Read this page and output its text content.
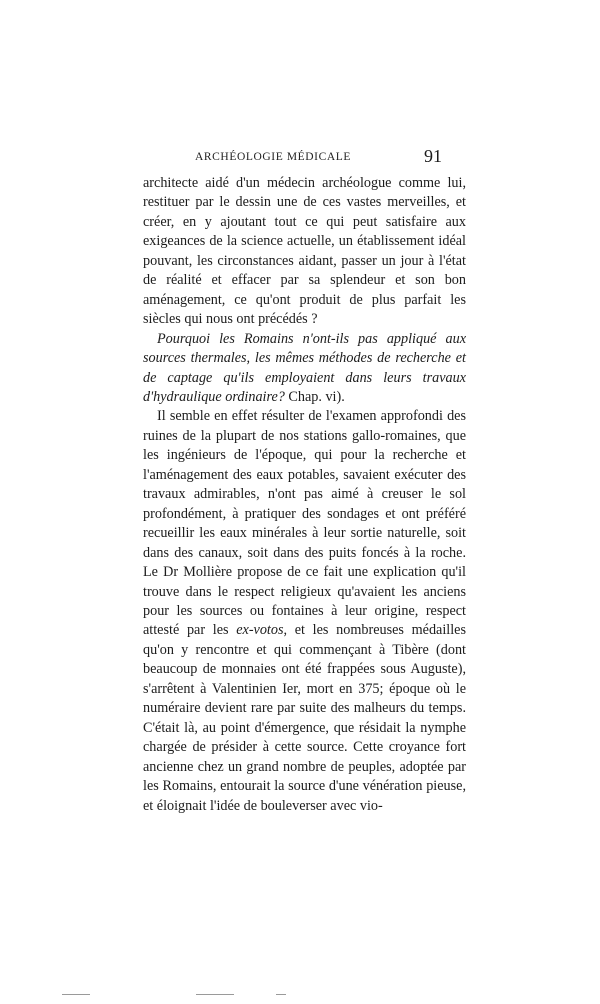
ARCHÉOLOGIE MÉDICALE	91

architecte aidé d'un médecin archéologue comme lui, restituer par le dessin une de ces vastes merveilles, et créer, en y ajoutant tout ce qui peut satisfaire aux exigeances de la science actuelle, un établissement idéal pouvant, les circonstances aidant, passer un jour à l'état de réalité et effacer par sa splendeur et son bon aménagement, ce qu'ont produit de plus parfait les siècles qui nous ont précédés ?

Pourquoi les Romains n'ont-ils pas appliqué aux sources thermales, les mêmes méthodes de recherche et de captage qu'ils employaient dans leurs travaux d'hydraulique ordinaire? Chap. vi).

Il semble en effet résulter de l'examen approfondi des ruines de la plupart de nos stations gallo-romaines, que les ingénieurs de l'époque, qui pour la recherche et l'aménagement des eaux potables, savaient exécuter des travaux admirables, n'ont pas aimé à creuser le sol profondément, à pratiquer des sondages et ont préféré recueillir les eaux minérales à leur sortie naturelle, soit dans des canaux, soit dans des puits foncés à la roche. Le Dr Mollière propose de ce fait une explication qu'il trouve dans le respect religieux qu'avaient les anciens pour les sources ou fontaines à leur origine, respect attesté par les ex-votos, et les nombreuses médailles qu'on y rencontre et qui commençant à Tibère (dont beaucoup de monnaies ont été frappées sous Auguste), s'arrêtent à Valentinien Ier, mort en 375; époque où le numéraire devient rare par suite des malheurs du temps. C'était là, au point d'émergence, que résidait la nymphe chargée de présider à cette source. Cette croyance fort ancienne chez un grand nombre de peuples, adoptée par les Romains, entourait la source d'une vénération pieuse, et éloignait l'idée de bouleverser avec vio-
